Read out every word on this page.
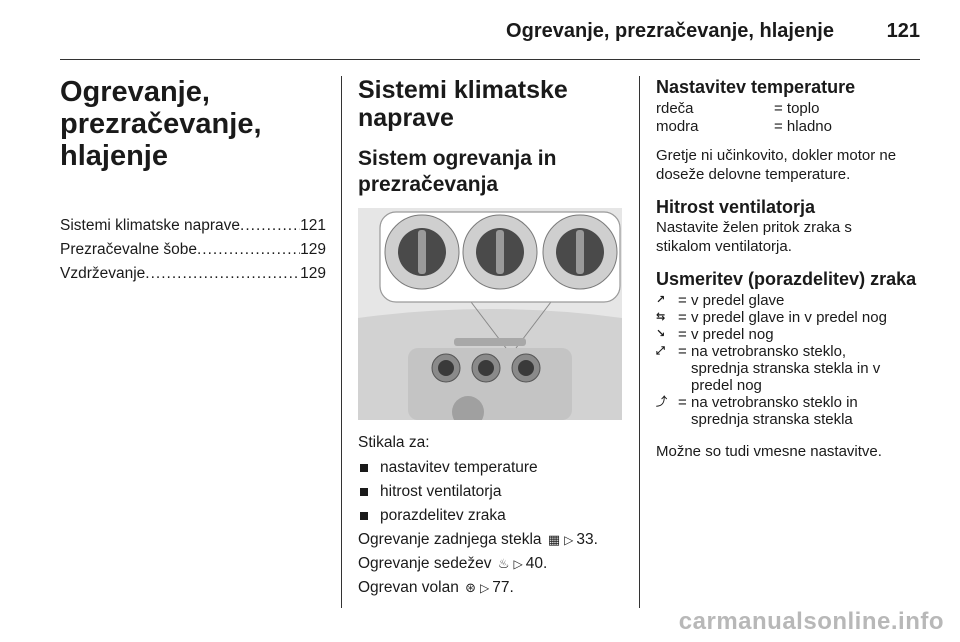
Ogrevanje, prezračevanje, hlajenje	121
Ogrevanje,
prezračevanje,
hlajenje
Sistemi klimatske naprave .....	121
Prezračevalne šobe .....	129
Vzdrževanje .....	129
Sistemi klimatske
naprave
Sistem ogrevanja in
prezračevanja

Stikala za:

nastavitev temperature
hitrost ventilatorja
porazdelitev zraka
Ogrevanje zadnjega stekla ▦ ▷ 33.
Ogrevanje sedežev ♨ ▷ 40.
Ogrevan volan ⊛ ▷ 77.
Nastavitev temperature
rdeča	= toplo
modra	= hladno

Gretje ni učinkovito, dokler motor ne
doseže delovne temperature.

Hitrost ventilatorja

Nastavite želen pritok zraka s
stikalom ventilatorja.

Usmeritev (porazdelitev) zraka
↗ = v predel glave
⇆ = v predel glave in v predel nog
↘ = v predel nog
⤢ = na vetrobransko steklo,
sprednja stranska stekla in v
predel nog
⤴ = na vetrobransko steklo in
sprednja stranska stekla

Možne so tudi vmesne nastavitve.

carmanualsonline.info
